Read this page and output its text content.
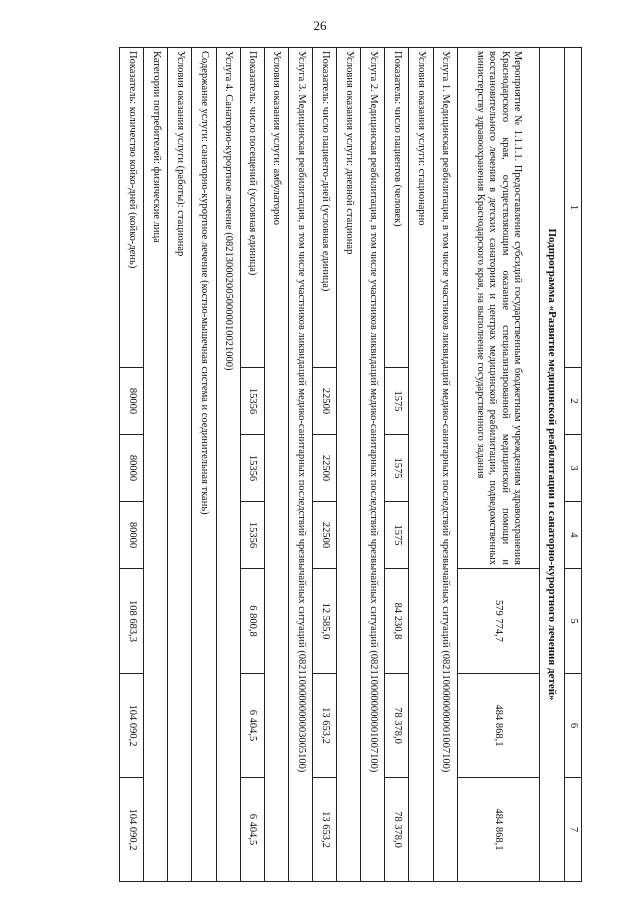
26
1	2	3	4	5	6	7
Подпрограмма «Развитие медицинской реабилитации и санаторно-курортного лечения детей»						
Мероприятие № 1.1.1.1. Предоставление субсидий государственным бюджетным учреждениям здравоохранения Краснодарского края, осуществляющим оказание специализированной медицинской помощи и восстановительного лечения в детских санаториях и центрах медицинской реабилитации, подведомственных министерству здравоохранения Краснодарского края, на выполнение государственного задания				579 774,7	484 868,1	484 868,1
Услуга 1. Медицинская реабилитация, в том числе участников ликвидаций медико-санитарных последствий чрезвычайных ситуаций (0821100000000001007100)						
Условия оказания услуги: стационарно						
Показатель: число пациентов (человек)	1575	1575	1575	84 230,8	78 378,0	78 378,0
Услуга 2. Медицинская реабилитация, в том числе участников ликвидаций медико-санитарных последствий чрезвычайных ситуаций (0821100000000001007100)						
Условия оказания услуги: дневной стационар						
Показатель: число пациенто-дней (условная единица)	22500	22500	22500	12 585,0	13 653,2	13 653,2
Услуга 3. Медицинская реабилитация, в том числе участников ликвидаций медико-санитарных последствий чрезвычайных ситуаций (0821100000000003005100)						
Условия оказания услуги: амбулаторно						
Показатель: число посещений (условная единица)	15356	15356	15356	6 800,8	6 404,5	6 404,5
Услуга 4. Санаторно-курортное лечение (0821300020050000010021000)						
Содержание услуги: санаторно-курортное лечение (костно-мышечная система и соединительная ткань)						
Условия оказания услуги (работы): стационар						
Категории потребителей: физические лица						
Показатель: количество койко-дней (койко-день)	80000	80000	80000	108 683,3	104 090,2	104 090,2
